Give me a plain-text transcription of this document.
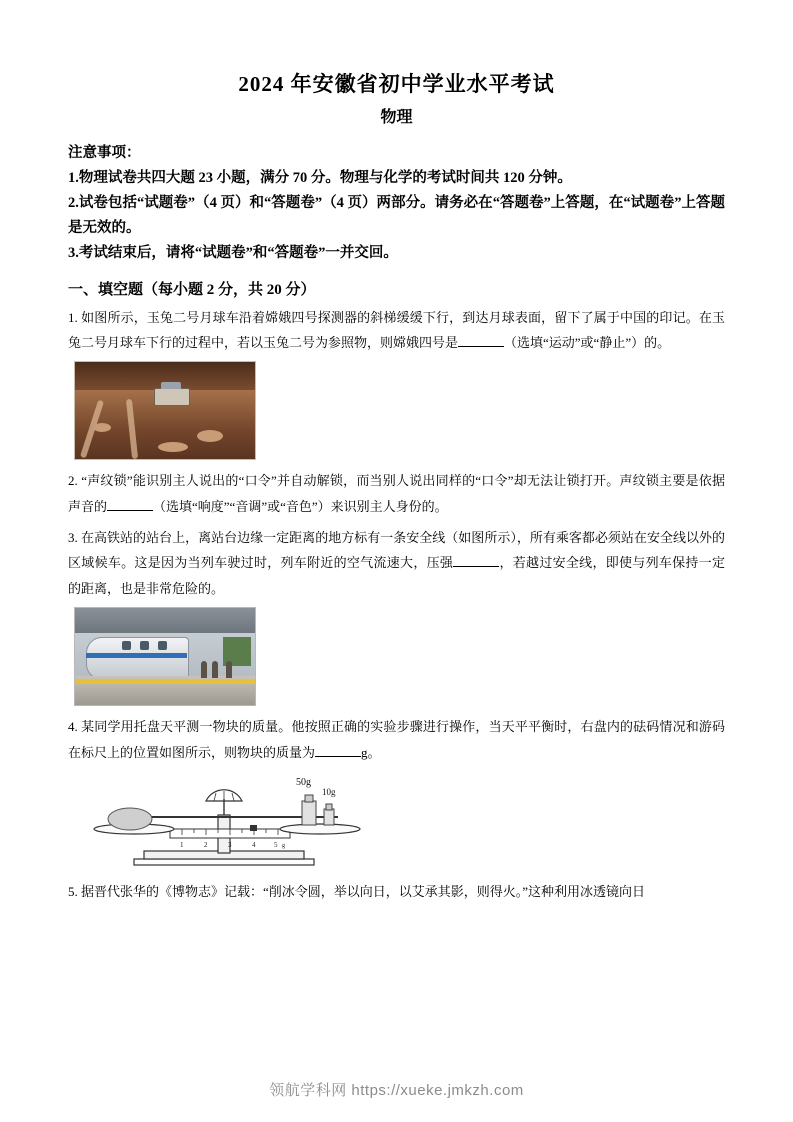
2024 年安徽省初中学业水平考试
物理
注意事项：

1.物理试卷共四大题 23 小题，满分 70 分。物理与化学的考试时间共 120 分钟。

2.试卷包括“试题卷”（4 页）和“答题卷”（4 页）两部分。请务必在“答题卷”上答题，在“试题卷”上答题是无效的。

3.考试结束后，请将“试题卷”和“答题卷”一并交回。

一、填空题（每小题 2 分，共 20 分）

1. 如图所示，玉兔二号月球车沿着嫦娥四号探测器的斜梯缓缓下行，到达月球表面，留下了属于中国的印记。在玉兔二号月球车下行的过程中，若以玉兔二号为参照物，则嫦娥四号是	（选填“运动”或“静止”）的。

2. “声纹锁”能识别主人说出的“口令”并自动解锁，而当别人说出同样的“口令”却无法让锁打开。声纹锁主要是依据声音的	（选填“响度”“音调”或“音色”）来识别主人身份的。

3. 在高铁站的站台上，离站台边缘一定距离的地方标有一条安全线（如图所示），所有乘客都必须站在安全线以外的区域候车。这是因为当列车驶过时，列车附近的空气流速大，压强	，若越过安全线，即使与列车保持一定的距离，也是非常危险的。

4. 某同学用托盘天平测一物块的质量。他按照正确的实验步骤进行操作，当天平平衡时，右盘内的砝码情况和游码在标尺上的位置如图所示，则物块的质量为	g。

1	2	3	4	5 g
50g
10g

5. 据晋代张华的《博物志》记载：“削冰令圆，举以向日，以艾承其影，则得火。”这种利用冰透镜向日

领航学科网 https://xueke.jmkzh.com
